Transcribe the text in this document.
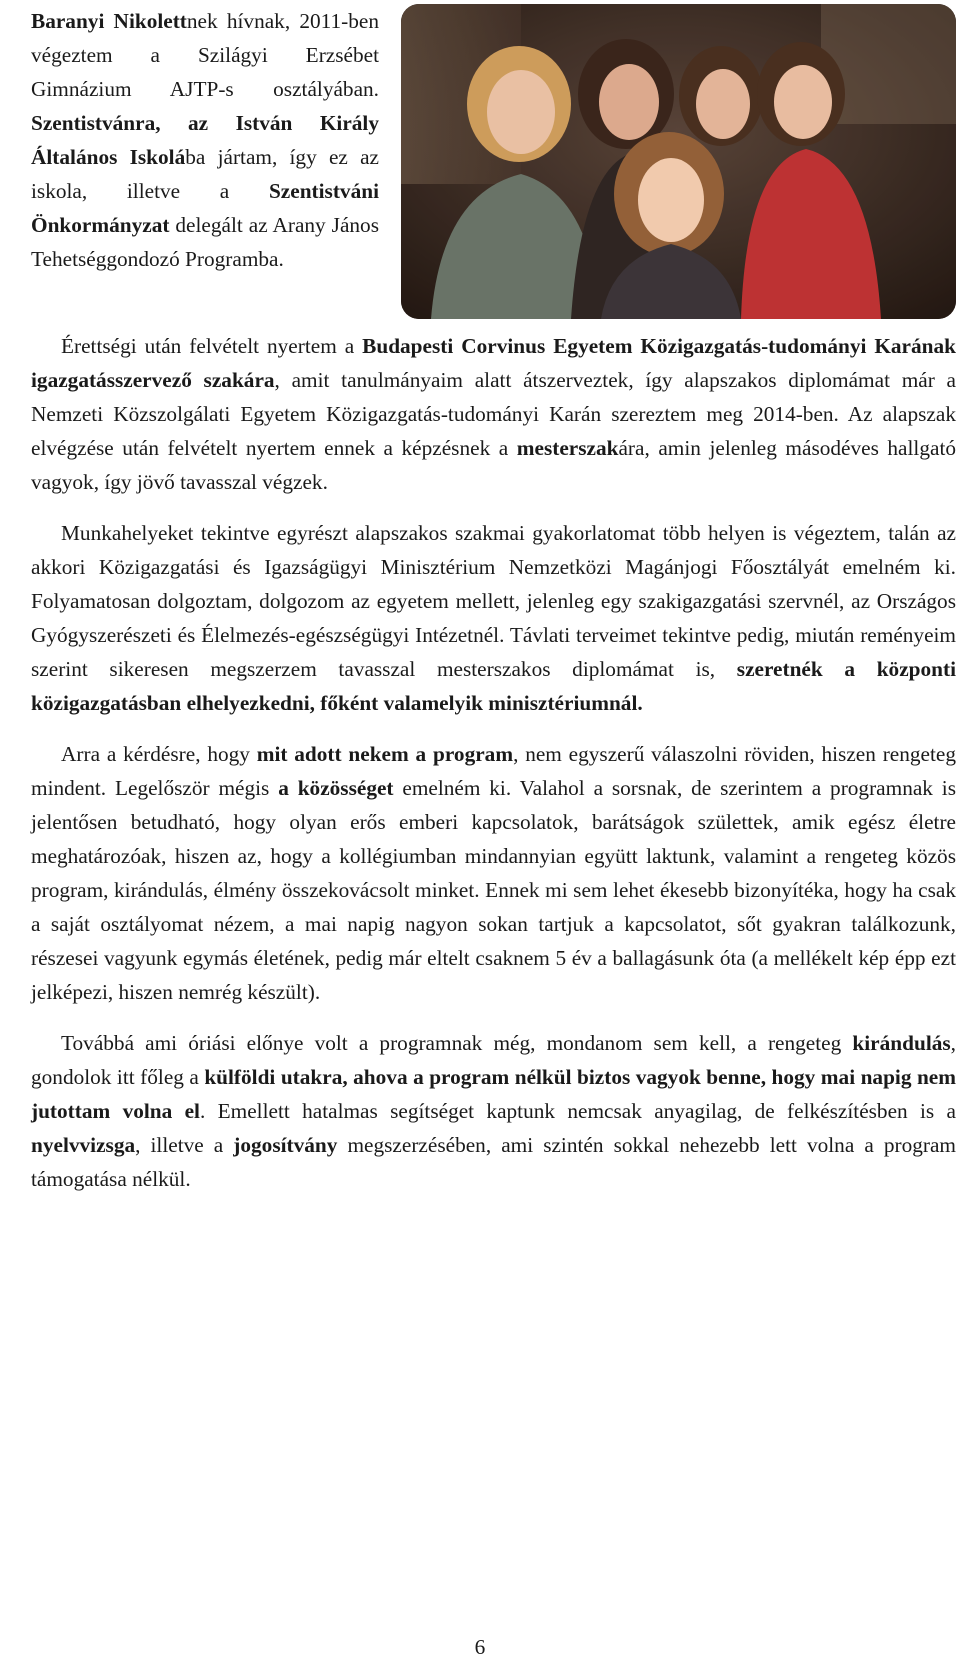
Baranyi Nikolettnek hívnak, 2011-ben végeztem a Szilágyi Erzsébet Gimnázium AJTP-s osztályában. Szentistvánra, az István Király Általános Iskolába jártam, így ez az iskola, illetve a Szentistváni Önkormányzat delegált az Arany János Tehetséggondozó Programba.

Érettségi után felvételt nyertem a Budapesti Corvinus Egyetem Közigazgatás-tudományi Karának igazgatásszervező szakára, amit tanulmányaim alatt átszerveztek, így alapszakos diplomámat már a Nemzeti Közszolgálati Egyetem Közigazgatás-tudományi Karán szereztem meg 2014-ben. Az alapszak elvégzése után felvételt nyertem ennek a képzésnek a mesterszakára, amin jelenleg másodéves hallgató vagyok, így jövő tavasszal végzek.

Munkahelyeket tekintve egyrészt alapszakos szakmai gyakorlatomat több helyen is végeztem, talán az akkori Közigazgatási és Igazságügyi Minisztérium Nemzetközi Magánjogi Főosztályát emelném ki. Folyamatosan dolgoztam, dolgozom az egyetem mellett, jelenleg egy szakigazgatási szervnél, az Országos Gyógyszerészeti és Élelmezés-egészségügyi Intézetnél. Távlati terveimet tekintve pedig, miután reményeim szerint sikeresen megszerzem tavasszal mesterszakos diplomámat is, szeretnék a központi közigazgatásban elhelyezkedni, főként valamelyik minisztériumnál.

Arra a kérdésre, hogy mit adott nekem a program, nem egyszerű válaszolni röviden, hiszen rengeteg mindent. Legelőször mégis a közösséget emelném ki. Valahol a sorsnak, de szerintem a programnak is jelentősen betudható, hogy olyan erős emberi kapcsolatok, barátságok születtek, amik egész életre meghatározóak, hiszen az, hogy a kollégiumban mindannyian együtt laktunk, valamint a rengeteg közös program, kirándulás, élmény összekovácsolt minket. Ennek mi sem lehet ékesebb bizonyítéka, hogy ha csak a saját osztályomat nézem, a mai napig nagyon sokan tartjuk a kapcsolatot, sőt gyakran találkozunk, részesei vagyunk egymás életének, pedig már eltelt csaknem 5 év a ballagásunk óta (a mellékelt kép épp ezt jelképezi, hiszen nemrég készült).

Továbbá ami óriási előnye volt a programnak még, mondanom sem kell, a rengeteg kirándulás, gondolok itt főleg a külföldi utakra, ahova a program nélkül biztos vagyok benne, hogy mai napig nem jutottam volna el. Emellett hatalmas segítséget kaptunk nemcsak anyagilag, de felkészítésben is a nyelvvizsga, illetve a jogosítvány megszerzésében, ami szintén sokkal nehezebb lett volna a program támogatása nélkül.

6
